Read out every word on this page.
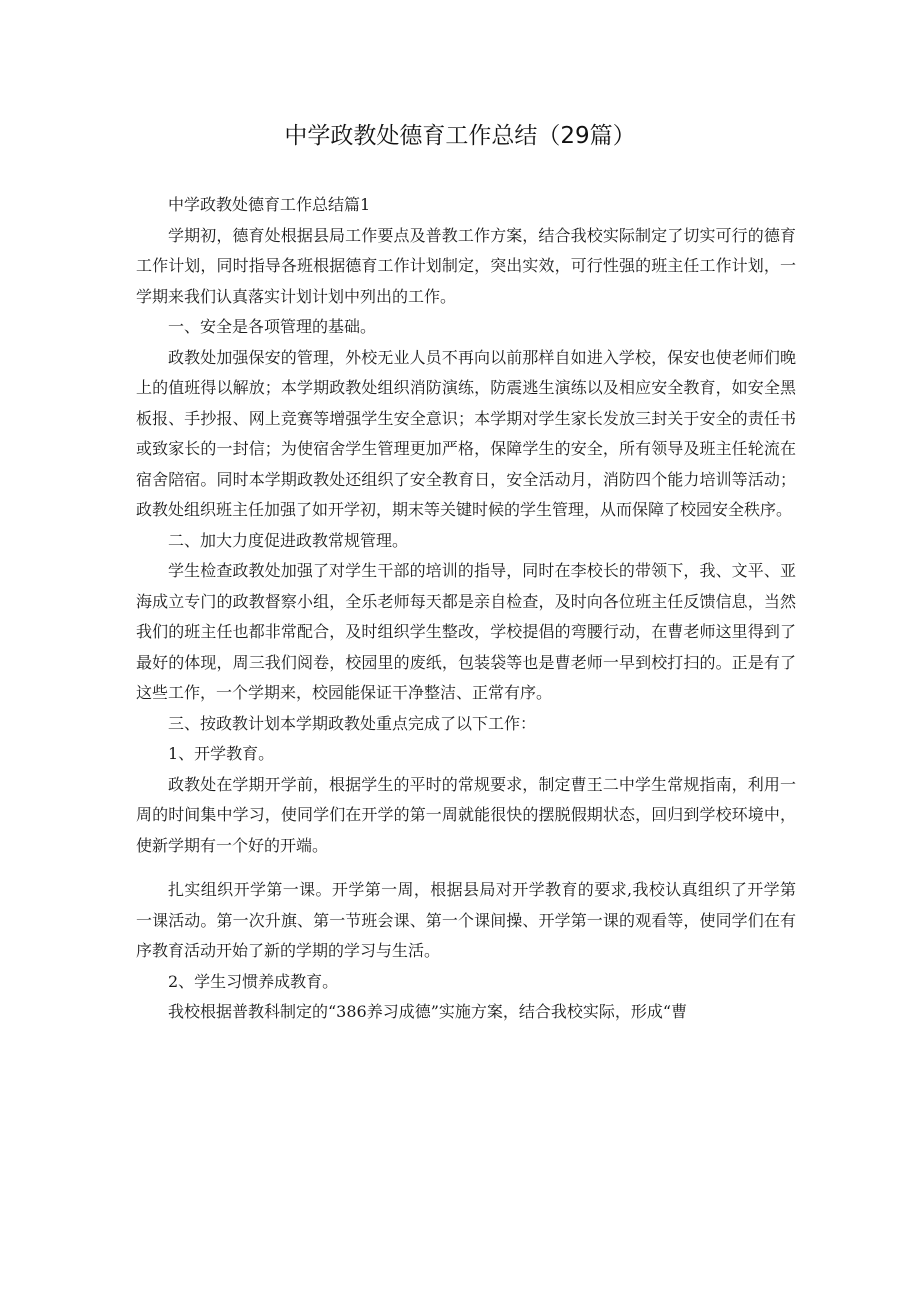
中学政教处德育工作总结（29篇）

中学政教处德育工作总结篇1

学期初，德育处根据县局工作要点及普教工作方案，结合我校实际制定了切实可行的德育工作计划，同时指导各班根据德育工作计划制定，突出实效，可行性强的班主任工作计划，一学期来我们认真落实计划计划中列出的工作。

一、安全是各项管理的基础。

政教处加强保安的管理，外校无业人员不再向以前那样自如进入学校，保安也使老师们晚上的值班得以解放；本学期政教处组织消防演练，防震逃生演练以及相应安全教育，如安全黑板报、手抄报、网上竞赛等增强学生安全意识；本学期对学生家长发放三封关于安全的责任书或致家长的一封信；为使宿舍学生管理更加严格，保障学生的安全，所有领导及班主任轮流在宿舍陪宿。同时本学期政教处还组织了安全教育日，安全活动月，消防四个能力培训等活动；政教处组织班主任加强了如开学初，期末等关键时候的学生管理，从而保障了校园安全秩序。

二、加大力度促进政教常规管理。

学生检查政教处加强了对学生干部的培训的指导，同时在李校长的带领下，我、文平、亚海成立专门的政教督察小组，全乐老师每天都是亲自检查，及时向各位班主任反馈信息，当然我们的班主任也都非常配合，及时组织学生整改，学校提倡的弯腰行动，在曹老师这里得到了最好的体现，周三我们阅卷，校园里的废纸，包装袋等也是曹老师一早到校打扫的。正是有了这些工作，一个学期来，校园能保证干净整洁、正常有序。

三、按政教计划本学期政教处重点完成了以下工作：

1、开学教育。

政教处在学期开学前，根据学生的平时的常规要求，制定曹王二中学生常规指南，利用一周的时间集中学习，使同学们在开学的第一周就能很快的摆脱假期状态，回归到学校环境中，使新学期有一个好的开端。

扎实组织开学第一课。开学第一周，根据县局对开学教育的要求,我校认真组织了开学第一课活动。第一次升旗、第一节班会课、第一个课间操、开学第一课的观看等，使同学们在有序教育活动开始了新的学期的学习与生活。

2、学生习惯养成教育。

我校根据普教科制定的“386养习成德”实施方案，结合我校实际，形成“曹
